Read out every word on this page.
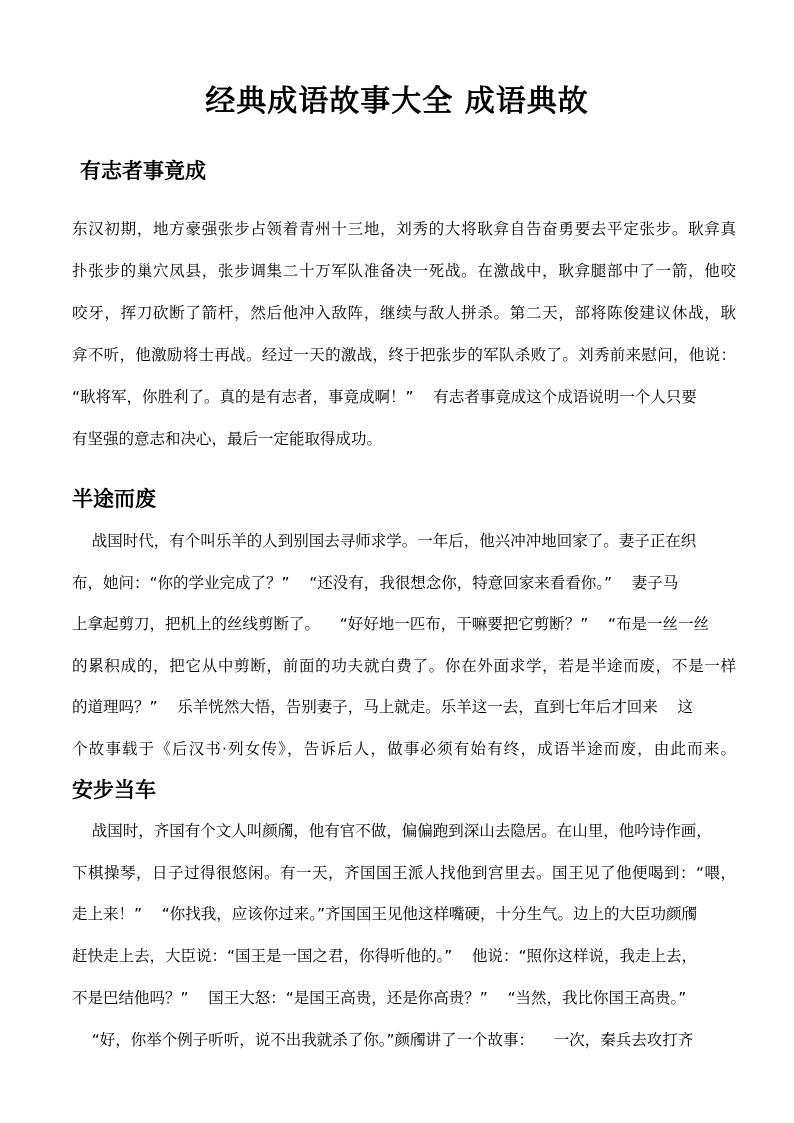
经典成语故事大全 成语典故
有志者事竟成
东汉初期，地方豪强张步占领着青州十三地，刘秀的大将耿弇自告奋勇要去平定张步。耿弇真
扑张步的巢穴凤县，张步调集二十万军队准备决一死战。在激战中，耿弇腿部中了一箭，他咬
咬牙，挥刀砍断了箭杆，然后他冲入敌阵，继续与敌人拼杀。第二天，部将陈俊建议休战，耿
弇不听，他激励将士再战。经过一天的激战，终于把张步的军队杀败了。刘秀前来慰问，他说：
“耿将军，你胜利了。真的是有志者，事竟成啊！”    有志者事竟成这个成语说明一个人只要
有坚强的意志和决心，最后一定能取得成功。
半途而废
战国时代，有个叫乐羊的人到别国去寻师求学。一年后，他兴冲冲地回家了。妻子正在织
布，她问：“你的学业完成了？”    “还没有，我很想念你，特意回家来看看你。”    妻子马
上拿起剪刀，把机上的丝线剪断了。    “好好地一匹布，干嘛要把它剪断？”    “布是一丝一丝
的累积成的，把它从中剪断，前面的功夫就白费了。你在外面求学，若是半途而废，不是一样
的道理吗？”    乐羊恍然大悟，告别妻子，马上就走。乐羊这一去，直到七年后才回来    这
个故事载于《后汉书·列女传》，告诉后人，做事必须有始有终，成语半途而废，由此而来。
安步当车
战国时，齐国有个文人叫颜斶，他有官不做，偏偏跑到深山去隐居。在山里，他吟诗作画，
下棋操琴，日子过得很悠闲。有一天，齐国国王派人找他到宫里去。国王见了他便喝到：“喂，
走上来！”    “你找我，应该你过来。”齐国国王见他这样嘴硬，十分生气。边上的大臣功颜斶
赶快走上去，大臣说：“国王是一国之君，你得听他的。”    他说：“照你这样说，我走上去，
不是巴结他吗？”    国王大怒：“是国王高贵，还是你高贵？”    “当然，我比你国王高贵。”
“好，你举个例子听听，说不出我就杀了你。”颜斶讲了一个故事：    一次，秦兵去攻打齐
